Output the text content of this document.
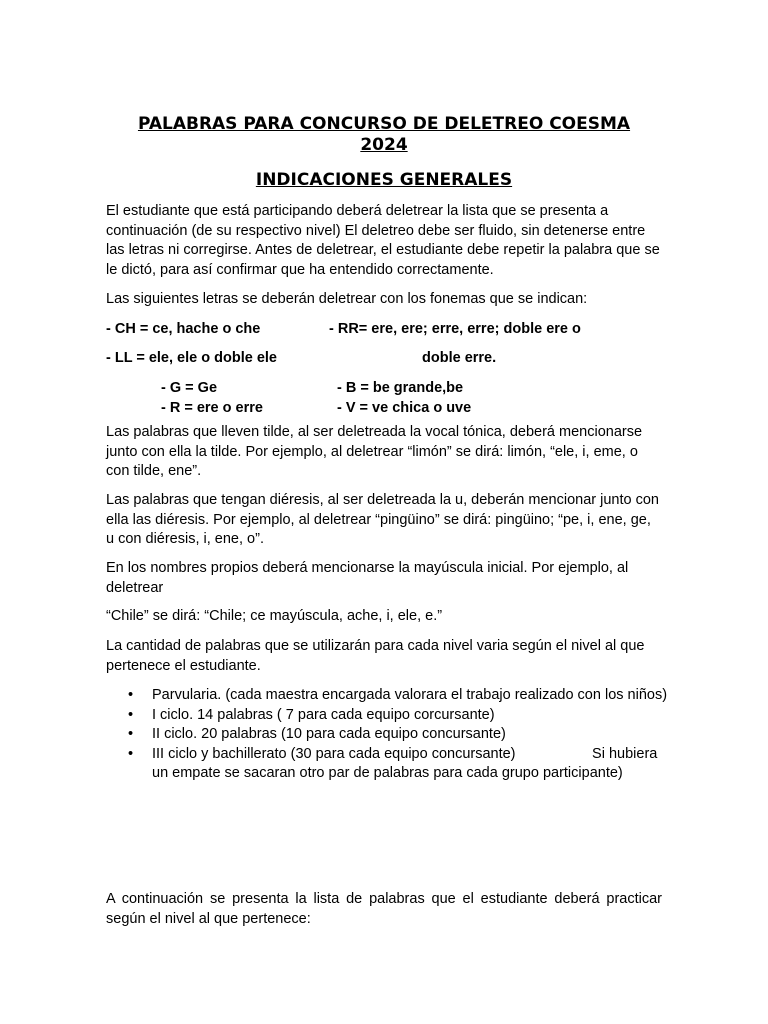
PALABRAS PARA CONCURSO DE DELETREO COESMA
2024
INDICACIONES GENERALES
El estudiante que está participando deberá deletrear la lista que se presenta a continuación (de su respectivo nivel) El deletreo debe ser fluido, sin detenerse entre las letras ni corregirse. Antes de deletrear, el estudiante debe repetir la palabra que se le dictó, para así confirmar que ha entendido correctamente.
Las siguientes letras se deberán deletrear con los fonemas que se indican:
- CH = ce, hache o che	- RR= ere, ere; erre, erre; doble ere o
- LL = ele, ele o doble ele	doble erre.
- G = Ge	- B = be grande,be
- R = ere o erre	- V = ve chica o uve
Las palabras que lleven tilde, al ser deletreada la vocal tónica, deberá mencionarse junto con ella la tilde. Por ejemplo, al deletrear “limón” se dirá: limón, “ele, i, eme, o con tilde, ene”.
Las palabras que tengan diéresis, al ser deletreada la u, deberán mencionar junto con ella las diéresis. Por ejemplo, al deletrear “pingüino” se dirá: pingüino; “pe, i, ene, ge, u con diéresis, i, ene, o”.
En los nombres propios deberá mencionarse la mayúscula inicial. Por ejemplo, al deletrear
“Chile” se dirá: “Chile; ce mayúscula, ache, i, ele, e.”
La cantidad de palabras que se utilizarán para cada nivel varia según el nivel al que pertenece el estudiante.
• Parvularia. (cada maestra encargada valorara el trabajo realizado con los niños)
• I ciclo. 14 palabras ( 7 para cada equipo corcursante)
• II ciclo. 20 palabras (10 para cada equipo concursante)
• III ciclo y bachillerato (30 para cada equipo concursante)                   Si hubiera un empate se sacaran otro par de palabras para cada grupo participante)
A continuación se presenta la lista de palabras que el estudiante deberá practicar según el nivel al que pertenece:
